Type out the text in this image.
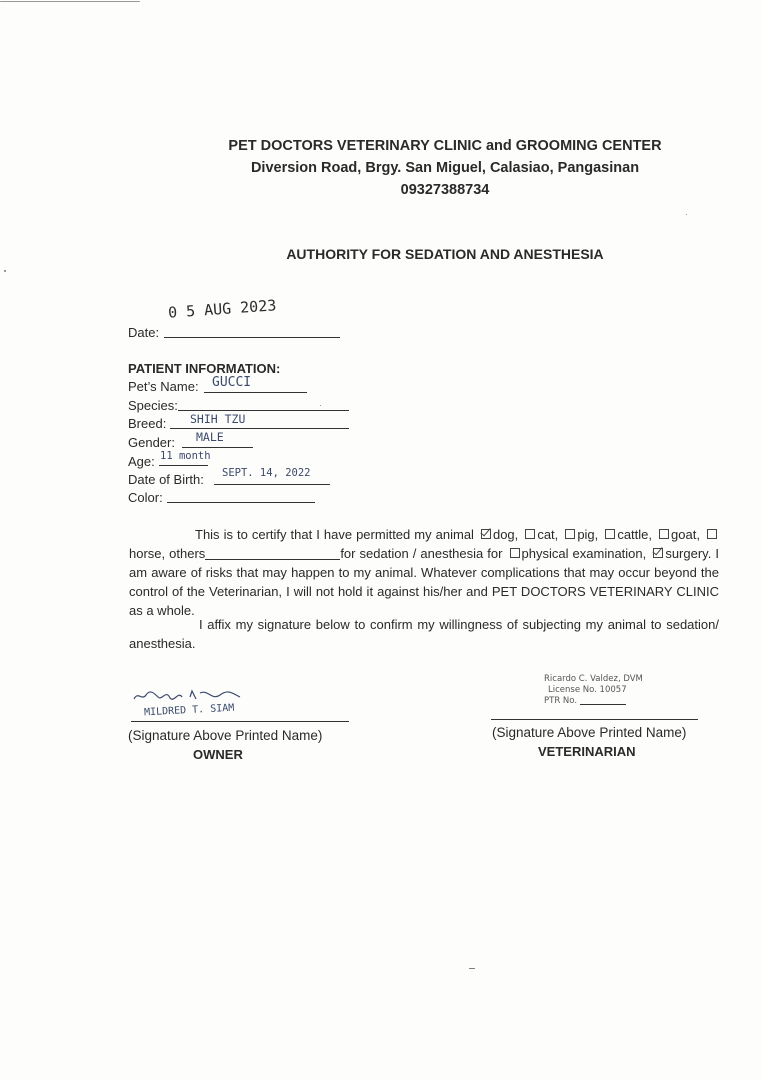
PET DOCTORS VETERINARY CLINIC and GROOMING CENTER
Diversion Road, Brgy. San Miguel, Calasiao, Pangasinan
09327388734
AUTHORITY FOR SEDATION AND ANESTHESIA
0 5 AUG 2023
Date:
PATIENT INFORMATION:
Pet’s Name: GUCCI
Species:
Breed: SHIH TZU
Gender: MALE
Age: 11 month
Date of Birth: SEPT. 14, 2022
Color:
This is to certify that I have permitted my animal dog, cat, pig, cattle, goat, horse, others	for sedation / anesthesia for physical examination, surgery. I am aware of risks that may happen to my animal. Whatever complications that may occur beyond the control of the Veterinarian, I will not hold it against his/her and PET DOCTORS VETERINARY CLINIC as a whole.
I affix my signature below to confirm my willingness of subjecting my animal to sedation/ anesthesia.
MILDRED T. SIAM
(Signature Above Printed Name)
OWNER
Ricardo C. Valdez, DVM
License No. 10057
PTR No.
(Signature Above Printed Name)
VETERINARIAN
